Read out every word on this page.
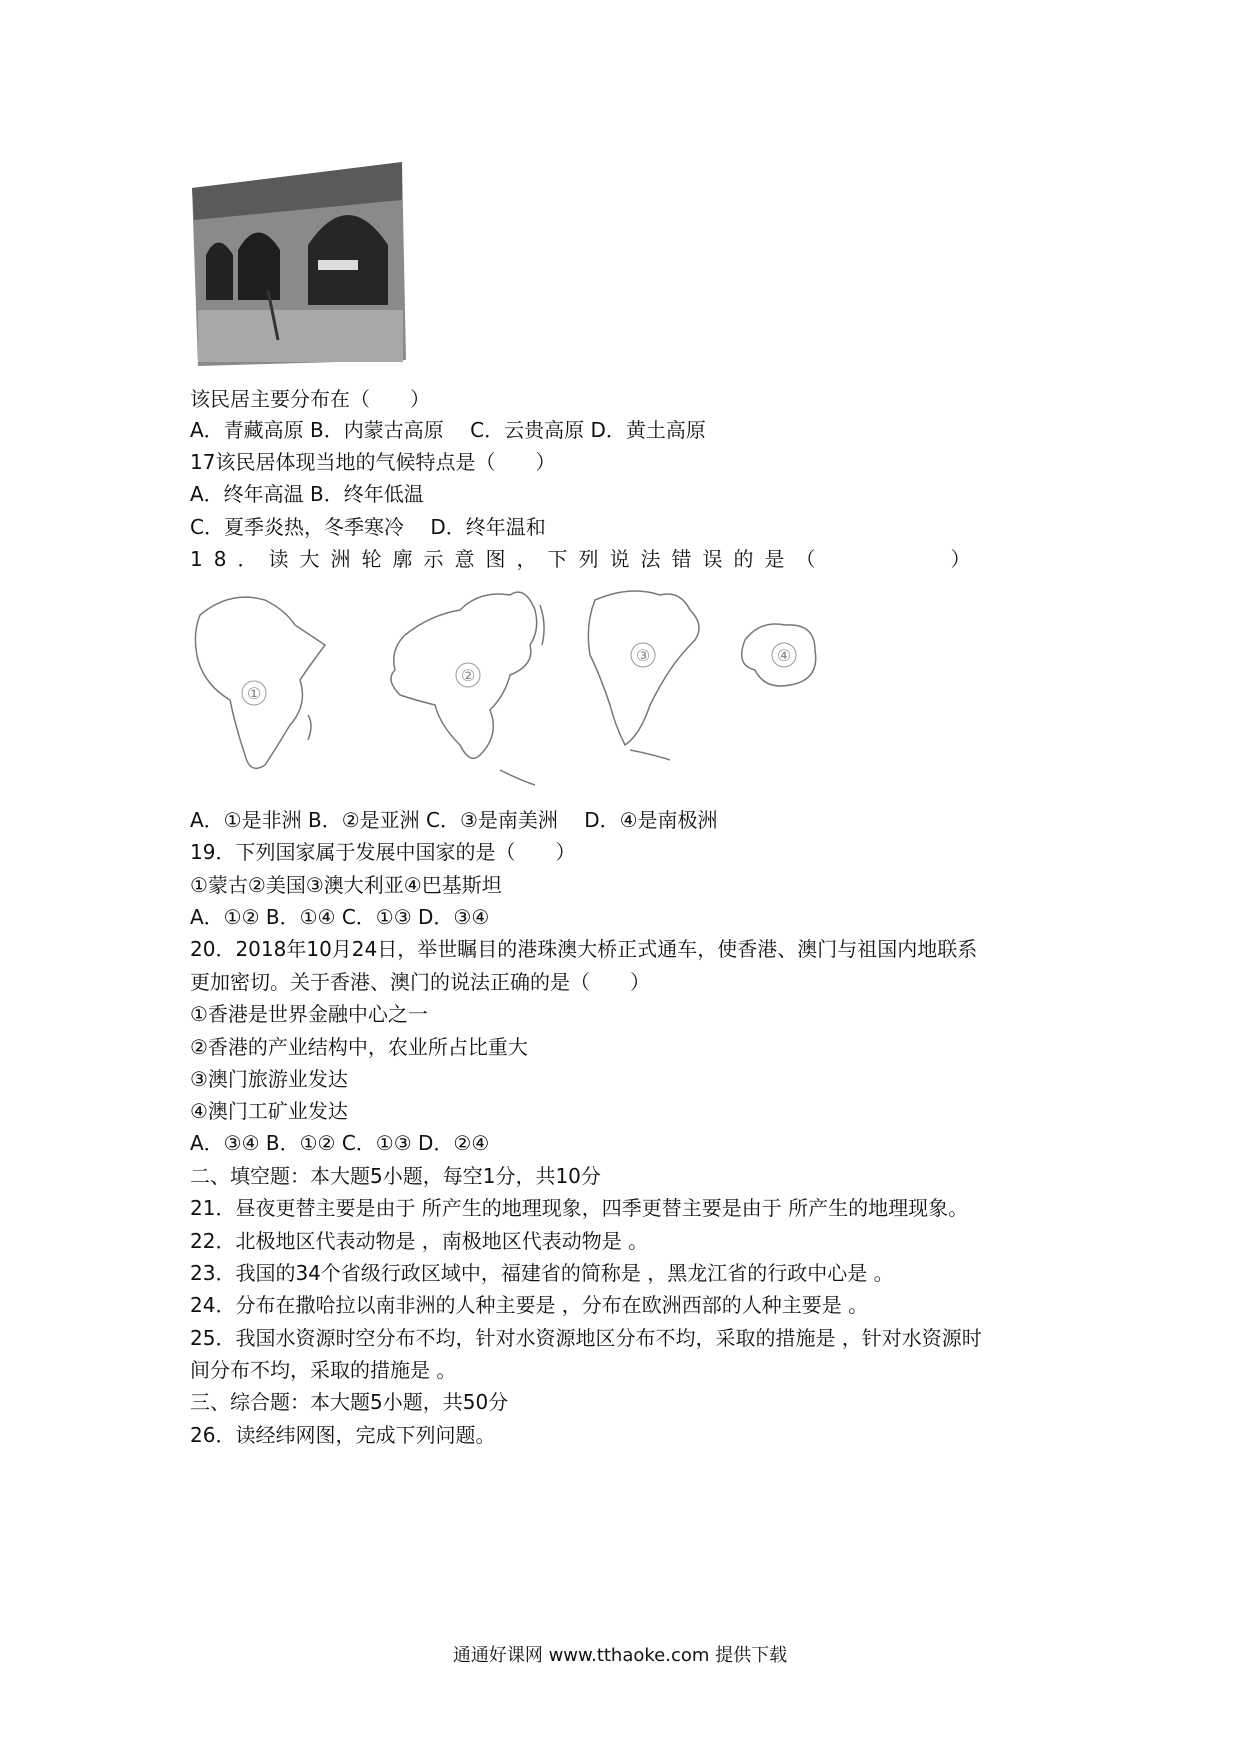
该民居主要分布在（　　）
A．青藏高原 B．内蒙古高原　 C．云贵高原 D．黄土高原
17该民居体现当地的气候特点是（　　）
A．终年高温 B．终年低温
C．夏季炎热，冬季寒冷　 D．终年温和
18．读大洲轮廓示意图，下列说法错误的是（　　　　）
①
②
③	④
A．①是非洲 B．②是亚洲 C．③是南美洲　 D．④是南极洲
19．下列国家属于发展中国家的是（　　）
①蒙古②美国③澳大利亚④巴基斯坦
A．①② B．①④ C．①③ D．③④
20．2018年10月24日，举世瞩目的港珠澳大桥正式通车，使香港、澳门与祖国内地联系
更加密切。关于香港、澳门的说法正确的是（　　）
①香港是世界金融中心之一
②香港的产业结构中，农业所占比重大
③澳门旅游业发达
④澳门工矿业发达
A．③④ B．①② C．①③ D．②④
二、填空题：本大题5小题，每空1分，共10分
21．昼夜更替主要是由于 所产生的地理现象，四季更替主要是由于 所产生的地理现象。
22．北极地区代表动物是 ，南极地区代表动物是 。
23．我国的34个省级行政区域中，福建省的简称是 ，黑龙江省的行政中心是 。
24．分布在撒哈拉以南非洲的人种主要是 ，分布在欧洲西部的人种主要是 。
25．我国水资源时空分布不均，针对水资源地区分布不均，采取的措施是 ，针对水资源时
间分布不均，采取的措施是 。
三、综合题：本大题5小题，共50分
26．读经纬网图，完成下列问题。
通通好课网 www.tthaoke.com 提供下载
